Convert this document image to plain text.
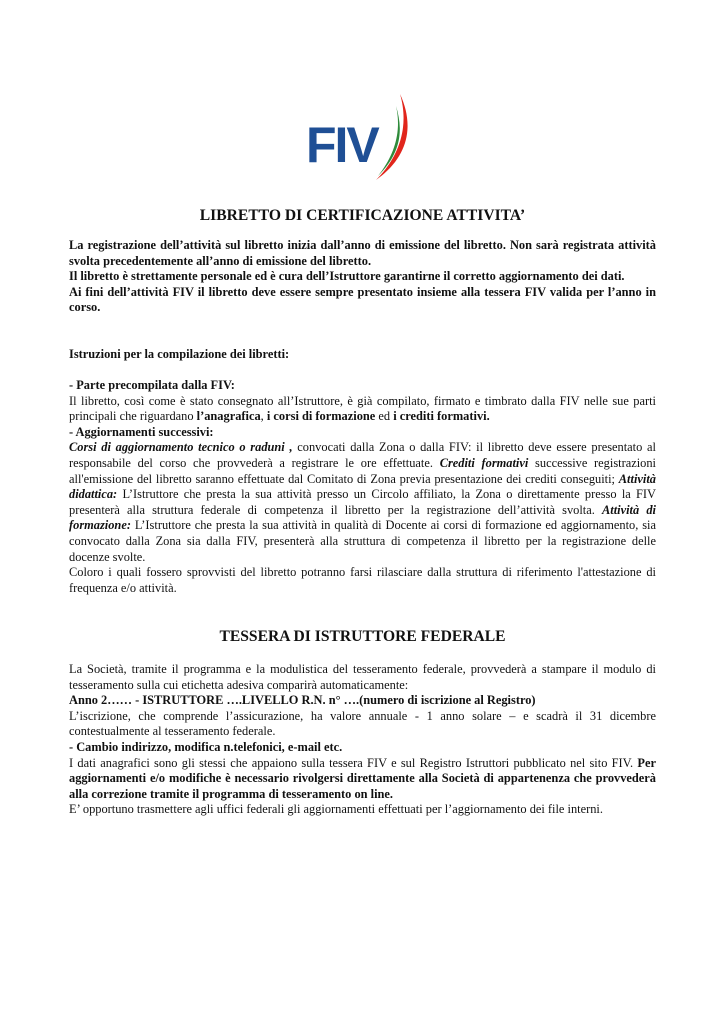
FIV
LIBRETTO DI CERTIFICAZIONE ATTIVITA’

La registrazione dell’attività sul libretto inizia dall’anno di emissione del libretto. Non sarà registrata attività svolta precedentemente all’anno di emissione del libretto.

Il libretto è strettamente personale ed è cura dell’Istruttore garantirne il corretto aggiornamento dei dati.

Ai fini dell’attività FIV il libretto deve essere sempre presentato insieme alla tessera FIV valida per l’anno in corso.

Istruzioni per la compilazione dei libretti:

- Parte precompilata dalla FIV:

Il libretto, così come è stato consegnato all’Istruttore, è già compilato, firmato e timbrato dalla FIV nelle sue parti principali che riguardano l’anagrafica, i corsi di formazione ed i crediti formativi.

- Aggiornamenti successivi:

Corsi di aggiornamento tecnico o raduni , convocati dalla Zona o dalla FIV: il libretto deve essere presentato al responsabile del corso che provvederà a registrare le ore effettuate. Crediti formativi successive registrazioni all'emissione del libretto saranno effettuate dal Comitato di Zona previa presentazione dei crediti conseguiti; Attività didattica: L’Istruttore che presta la sua attività presso un Circolo affiliato, la Zona o direttamente presso la FIV presenterà alla struttura federale di competenza il libretto per la registrazione dell’attività svolta. Attività di formazione: L’Istruttore che presta la sua attività in qualità di Docente ai corsi di formazione ed aggiornamento, sia convocato dalla Zona sia dalla FIV, presenterà alla struttura di competenza il libretto per la registrazione delle docenze svolte.

Coloro i quali fossero sprovvisti del libretto potranno farsi rilasciare dalla struttura di riferimento l'attestazione di frequenza e/o attività.

TESSERA DI ISTRUTTORE FEDERALE

La Società, tramite il programma e la modulistica del tesseramento federale, provvederà a stampare il modulo di tesseramento sulla cui etichetta adesiva comparirà automaticamente:

Anno 2…… - ISTRUTTORE ….LIVELLO R.N. n° ….(numero di iscrizione al Registro)

L’iscrizione, che comprende l’assicurazione, ha valore annuale - 1 anno solare – e scadrà il 31 dicembre contestualmente al tesseramento federale.

- Cambio indirizzo, modifica n.telefonici, e-mail etc.

I dati anagrafici sono gli stessi che appaiono sulla tessera FIV e sul Registro Istruttori pubblicato nel sito FIV. Per aggiornamenti e/o modifiche è necessario rivolgersi direttamente alla Società di appartenenza che provvederà alla correzione tramite il programma di tesseramento on line.

E’ opportuno trasmettere agli uffici federali gli aggiornamenti effettuati per l’aggiornamento dei file interni.
